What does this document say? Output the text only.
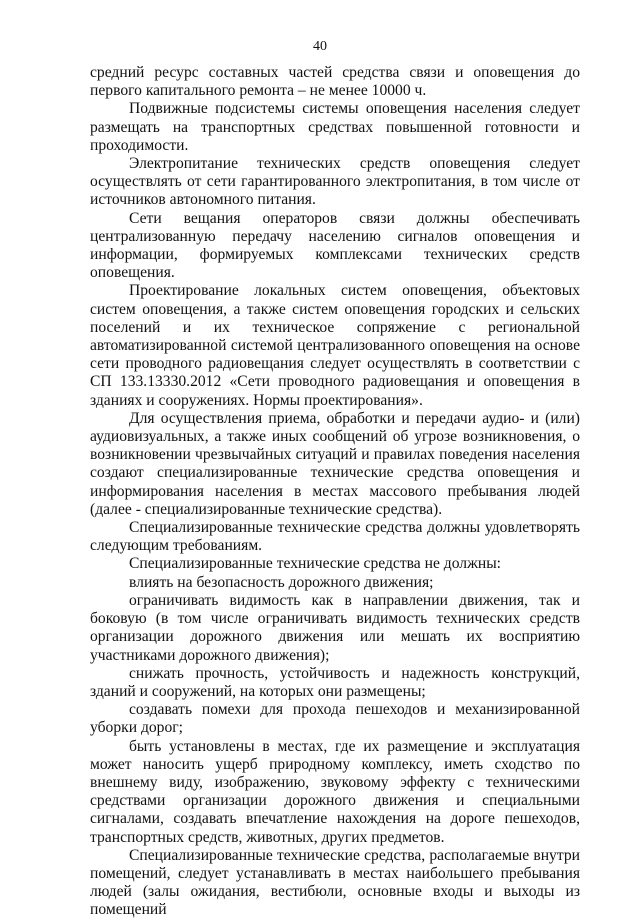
40

средний ресурс составных частей средства связи и оповещения до первого капитального ремонта – не менее 10000 ч.

Подвижные подсистемы системы оповещения населения следует размещать на транспортных средствах повышенной готовности и проходимости.

Электропитание технических средств оповещения следует осуществлять от сети гарантированного электропитания, в том числе от источников автономного питания.

Сети вещания операторов связи должны обеспечивать централизованную передачу населению сигналов оповещения и информации, формируемых комплексами технических средств оповещения.

Проектирование локальных систем оповещения, объектовых систем оповещения, а также систем оповещения городских и сельских поселений и их техническое сопряжение с региональной автоматизированной системой централизованного оповещения на основе сети проводного радиовещания следует осуществлять в соответствии с СП 133.13330.2012 «Сети проводного радиовещания и оповещения в зданиях и сооружениях. Нормы проектирования».

Для осуществления приема, обработки и передачи аудио- и (или) аудиовизуальных, а также иных сообщений об угрозе возникновения, о возникновении чрезвычайных ситуаций и правилах поведения населения создают специализированные технические средства оповещения и информирования населения в местах массового пребывания людей (далее - специализированные технические средства).

Специализированные технические средства должны удовлетворять следующим требованиям.

Специализированные технические средства не должны:

влиять на безопасность дорожного движения;

ограничивать видимость как в направлении движения, так и боковую (в том числе ограничивать видимость технических средств организации дорожного движения или мешать их восприятию участниками дорожного движения);

снижать прочность, устойчивость и надежность конструкций, зданий и сооружений, на которых они размещены;

создавать помехи для прохода пешеходов и механизированной уборки дорог;

быть установлены в местах, где их размещение и эксплуатация может наносить ущерб природному комплексу, иметь сходство по внешнему виду, изображению, звуковому эффекту с техническими средствами организации дорожного движения и специальными сигналами, создавать впечатление нахождения на дороге пешеходов, транспортных средств, животных, других предметов.

Специализированные технические средства, располагаемые внутри помещений, следует устанавливать в местах наибольшего пребывания людей (залы ожидания, вестибюли, основные входы и выходы из помещений
